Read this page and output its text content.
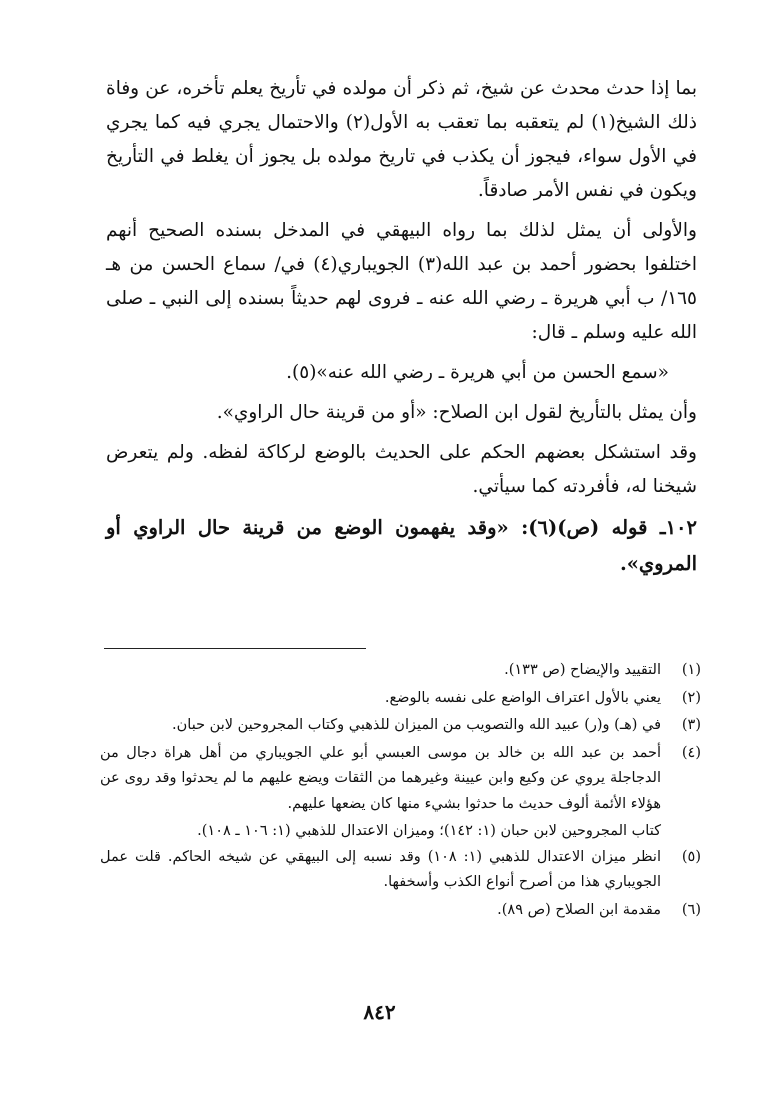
بما إذا حدث محدث عن شيخ، ثم ذكر أن مولده في تأريخ يعلم تأخره، عن وفاة ذلك الشيخ(١) لم يتعقبه بما تعقب به الأول(٢) والاحتمال يجري فيه كما يجري في الأول سواء، فيجوز أن يكذب في تاريخ مولده بل يجوز أن يغلط في التأريخ ويكون في نفس الأمر صادقاً.

والأولى أن يمثل لذلك بما رواه البيهقي في المدخل بسنده الصحيح أنهم اختلفوا بحضور أحمد بن عبد الله(٣) الجويباري(٤) في/ سماع الحسن من هـ ١٦٥/ ب أبي هريرة ـ رضي الله عنه ـ فروى لهم حديثاً بسنده إلى النبي ـ صلى الله عليه وسلم ـ قال:

«سمع الحسن من أبي هريرة ـ رضي الله عنه»(٥).

وأن يمثل بالتأريخ لقول ابن الصلاح: «أو من قرينة حال الراوي».

وقد استشكل بعضهم الحكم على الحديث بالوضع لركاكة لفظه. ولم يتعرض شيخنا له، فأفردته كما سيأتي.

١٠٢ـ قوله (ص)(٦): «وقد يفهمون الوضع من قرينة حال الراوي أو المروي».

(١)
التقييد والإيضاح (ص ١٣٣).
(٢)
يعني بالأول اعتراف الواضع على نفسه بالوضع.
(٣)
في (هـ) و(ر) عبيد الله والتصويب من الميزان للذهبي وكتاب المجروحين لابن حبان.
(٤)
أحمد بن عبد الله بن خالد بن موسى العبسي أبو علي الجويباري من أهل هراة دجال من الدجاجلة يروي عن وكيع وابن عيينة وغيرهما من الثقات ويضع عليهم ما لم يحدثوا وقد روى عن هؤلاء الأئمة ألوف حديث ما حدثوا بشيء منها كان يضعها عليهم.
كتاب المجروحين لابن حبان (١: ١٤٢)؛ وميزان الاعتدال للذهبي (١: ١٠٦ ـ ١٠٨).
(٥)
انظر ميزان الاعتدال للذهبي (١: ١٠٨) وقد نسبه إلى البيهقي عن شيخه الحاكم. قلت عمل الجويباري هذا من أصرح أنواع الكذب وأسخفها.
(٦)
مقدمة ابن الصلاح (ص ٨٩).
٨٤٢
